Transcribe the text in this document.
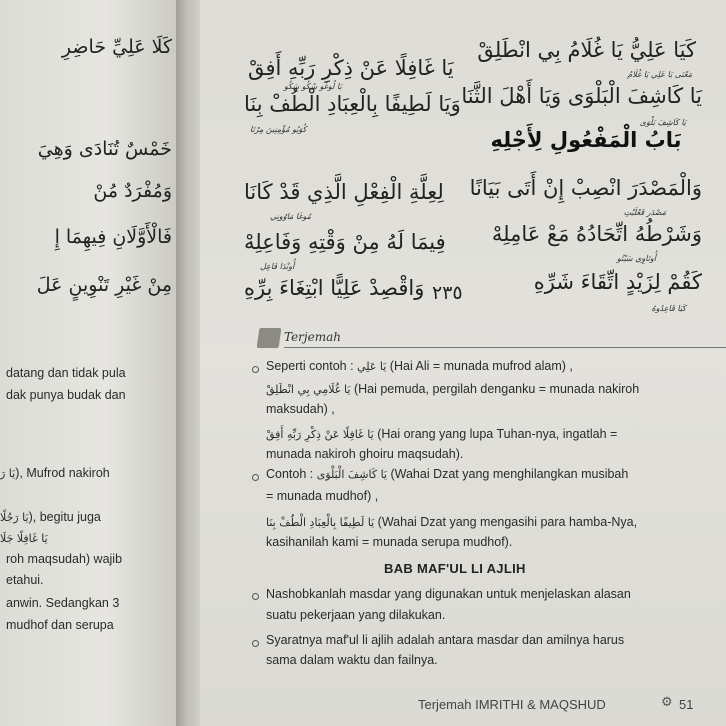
كَلَا عَلِيِّ حَاضِرِ
خَمْسٌ تُنَادَى وَهِيَ
وَمُفْرَدٌ مُنْ
فَالْأَوَّلَانِ فِيهِمَا إِ
مِنْ غَيْرِ تَنْوِينٍ عَلَ
datang dan tidak pula
dak punya budak dan
يَا رَ), Mufrod nakiroh
يَا رَجُلًا), begitu juga
يَا غَافِلًا جَلَا
roh maqsudah) wajib
etahui.
anwin. Sedangkan 3
mudhof dan serupa
كَيَا عَلِيُّ يَا غُلَامُ بِي انْطَلِقْ
يَا غَافِلًا عَنْ ذِكْرِ رَبِّهِ أَفِقْ	مَعْنَى يَا عَلِي يَا غُلَامُ
يَا لُوغُو سُكُو سَكُو	يَا كَاشِفَ الْبَلْوَى وَيَا أَهْلَ الثَّنَا
وَيَا لَطِيفًا بِالْعِبَادِ الْطُفْ بِنَا
يَا كَاشِفَ بَلْوَى
كُوَيُو مُؤْمِنِينَ مِرْتَا	بَابُ الْمَفْعُولِ لِأَجْلِهِ
وَالْمَصْدَرَ انْصِبْ إِنْ أَتَى بَيَانًا
لِعِلَّةِ الْفِعْلِ الَّذِي قَدْ كَانَا
مَصْدَر قَعْلَيْتِ
مُوغَا مَاوُونِي
وَشَرْطُهُ اتِّحَادُهُ مَعْ عَامِلِهْ
فِيمَا لَهُ مِنْ وَقْتِهِ وَفَاعِلِهْ
أُوتَاوِي سَيْتُو
أُونْدَا فَاعِل
كَقُمْ لِزَيْدٍ اتِّقَاءَ شَرِّهِ
٢٣٥
وَاقْصِدْ عَلِيًّا ابْتِغَاءَ بِرِّهِ
كَيَا قَاعِدُوهُ
Terjemah
Seperti contoh : يَا عَلِي (Hai Ali = munada mufrod alam) ,
يَا غُلَامِي بِي انْطَلِقْ (Hai pemuda, pergilah denganku = munada nakiroh
maksudah) ,
يَا غَافِلًا عَنْ ذِكْرِ رَبِّهِ أَفِقْ (Hai orang yang lupa Tuhan-nya, ingatlah =
munada nakiroh ghoiru maqsudah).
Contoh : يَا كَاشِفَ الْبَلْوَى (Wahai Dzat yang menghilangkan musibah
= munada mudhof) ,
يَا لَطِيفًا بِالْعِبَادِ الْطُفْ بِنَا (Wahai Dzat yang mengasihi para hamba-Nya,
kasihanilah kami = munada serupa mudhof).
BAB MAF'UL LI AJLIH
Nashobkanlah masdar yang digunakan untuk menjelaskan alasan
suatu pekerjaan yang dilakukan.
Syaratnya maf'ul li ajlih adalah antara masdar dan amilnya harus
sama dalam waktu dan failnya.
Terjemah IMRITHI & MAQSHUD	⚙ 51
